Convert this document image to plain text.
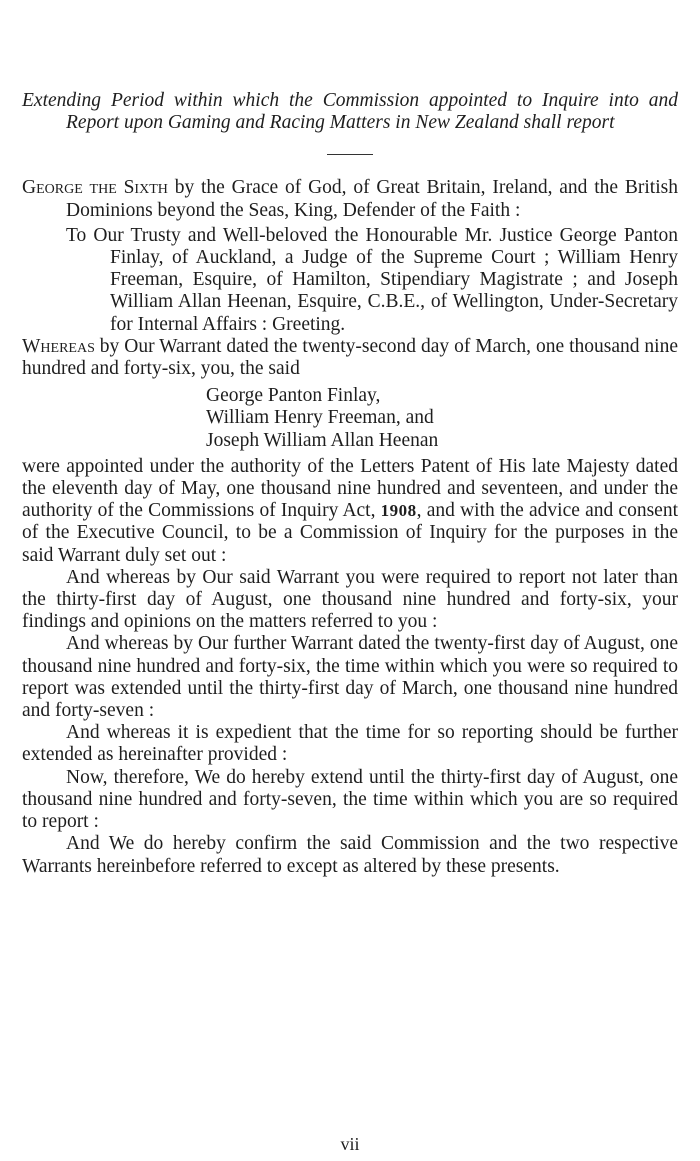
Extending Period within which the Commission appointed to Inquire into and Report upon Gaming and Racing Matters in New Zealand shall report

George the Sixth by the Grace of God, of Great Britain, Ireland, and the British Dominions beyond the Seas, King, Defender of the Faith :

To Our Trusty and Well-beloved the Honourable Mr. Justice George Panton Finlay, of Auckland, a Judge of the Supreme Court ; William Henry Freeman, Esquire, of Hamilton, Stipendiary Magistrate ; and Joseph William Allan Heenan, Esquire, C.B.E., of Wellington, Under-Secretary for Internal Affairs : Greeting.

Whereas by Our Warrant dated the twenty-second day of March, one thousand nine hundred and forty-six, you, the said

George Panton Finlay,
William Henry Freeman, and
Joseph William Allan Heenan

were appointed under the authority of the Letters Patent of His late Majesty dated the eleventh day of May, one thousand nine hundred and seventeen, and under the authority of the Commissions of Inquiry Act, 1908, and with the advice and consent of the Executive Council, to be a Commission of Inquiry for the purposes in the said Warrant duly set out :

And whereas by Our said Warrant you were required to report not later than the thirty-first day of August, one thousand nine hundred and forty-six, your findings and opinions on the matters referred to you :

And whereas by Our further Warrant dated the twenty-first day of August, one thousand nine hundred and forty-six, the time within which you were so required to report was extended until the thirty-first day of March, one thousand nine hundred and forty-seven :

And whereas it is expedient that the time for so reporting should be further extended as hereinafter provided :

Now, therefore, We do hereby extend until the thirty-first day of August, one thousand nine hundred and forty-seven, the time within which you are so required to report :

And We do hereby confirm the said Commission and the two respective Warrants hereinbefore referred to except as altered by these presents.

vii
